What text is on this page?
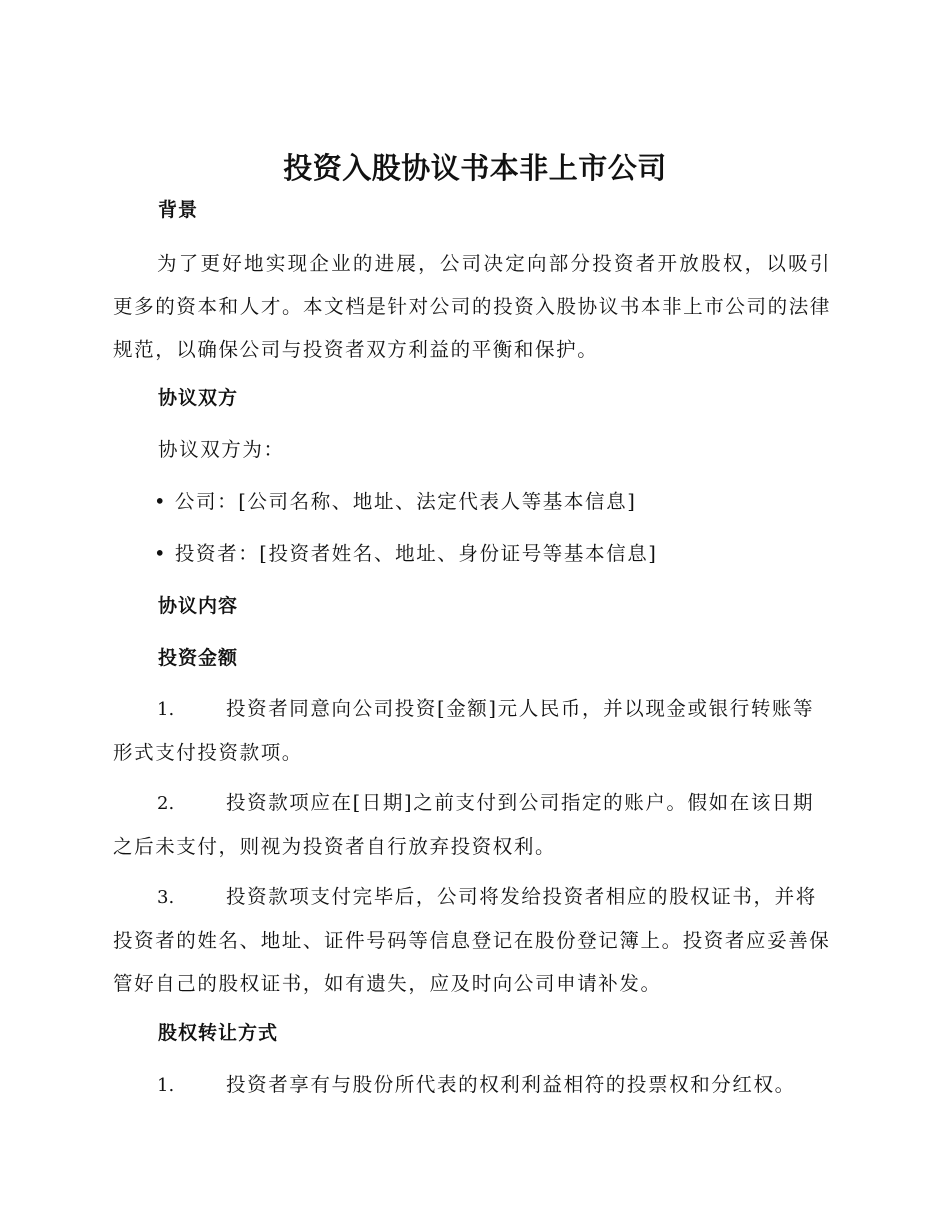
投资入股协议书本非上市公司
背景

为了更好地实现企业的进展，公司决定向部分投资者开放股权，以吸引更多的资本和人才。本文档是针对公司的投资入股协议书本非上市公司的法律规范，以确保公司与投资者双方利益的平衡和保护。

协议双方
协议双方为：
• 公司：[公司名称、地址、法定代表人等基本信息]
• 投资者：[投资者姓名、地址、身份证号等基本信息]
协议内容
投资金额

1.	投资者同意向公司投资[金额]元人民币，并以现金或银行转账等形式支付投资款项。

2.	投资款项应在[日期]之前支付到公司指定的账户。假如在该日期之后未支付，则视为投资者自行放弃投资权利。

3.	投资款项支付完毕后，公司将发给投资者相应的股权证书，并将投资者的姓名、地址、证件号码等信息登记在股份登记簿上。投资者应妥善保管好自己的股权证书，如有遗失，应及时向公司申请补发。

股权转让方式

1.	投资者享有与股份所代表的权利利益相符的投票权和分红权。
